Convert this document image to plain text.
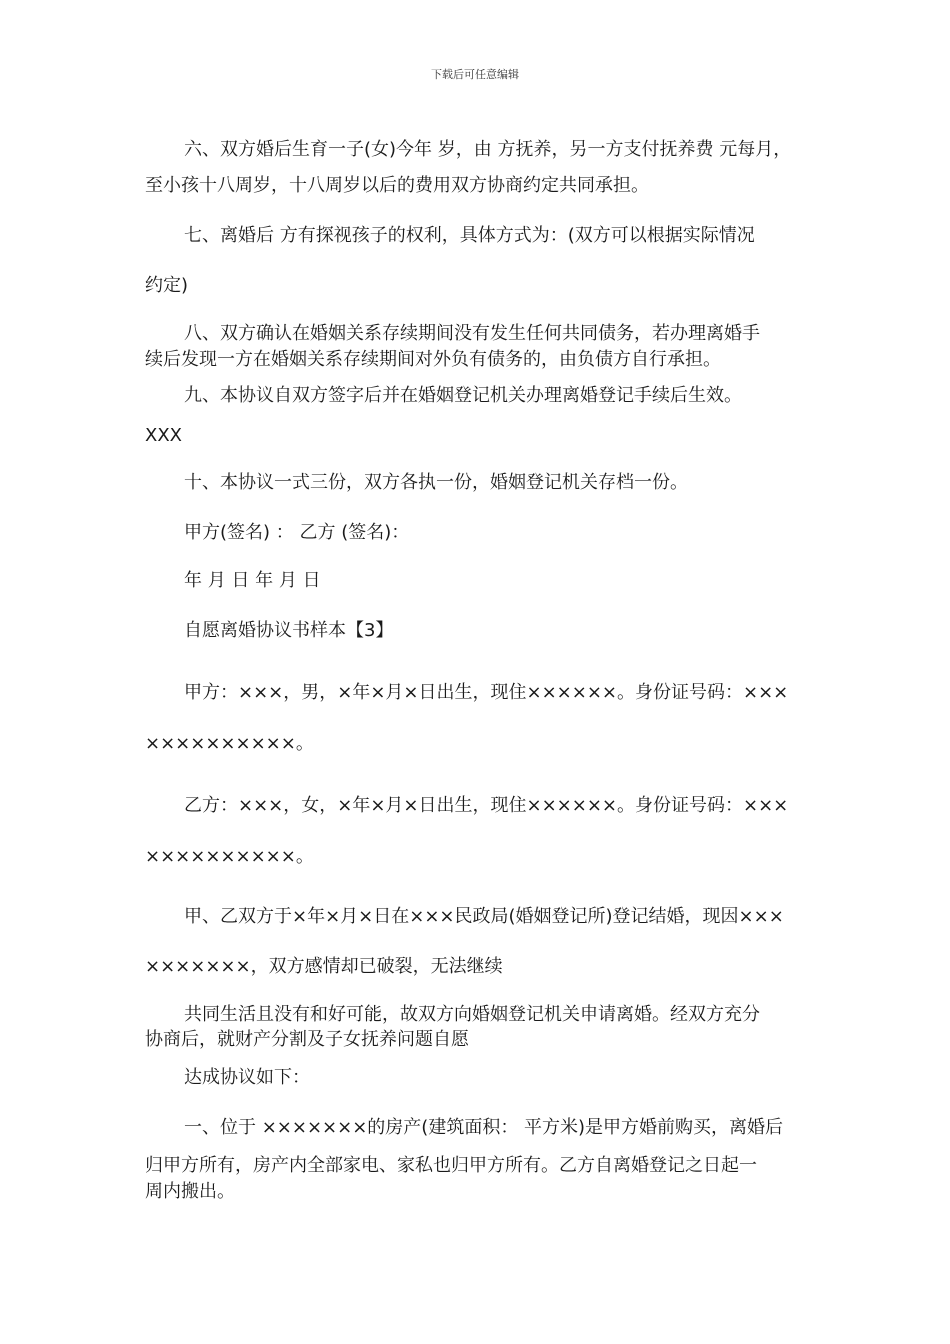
下载后可任意编辑
六、双方婚后生育一子(女)今年 岁，由 方抚养，另一方支付抚养费 元每月，
至小孩十八周岁，十八周岁以后的费用双方协商约定共同承担。
七、离婚后 方有探视孩子的权利，具体方式为：(双方可以根据实际情况
约定)
八、双方确认在婚姻关系存续期间没有发生任何共同债务，若办理离婚手
续后发现一方在婚姻关系存续期间对外负有债务的，由负债方自行承担。
九、本协议自双方签字后并在婚姻登记机关办理离婚登记手续后生效。
XXX
十、本协议一式三份，双方各执一份，婚姻登记机关存档一份。
甲方(签名) ： 乙方 (签名)：
年 月 日 年 月 日
自愿离婚协议书样本【3】
甲方：×××，男，×年×月×日出生，现住××××××。身份证号码：×××
××××××××××。
乙方：×××，女，×年×月×日出生，现住××××××。身份证号码：×××
××××××××××。
甲、乙双方于×年×月×日在×××民政局(婚姻登记所)登记结婚，现因×××
×××××××，双方感情却已破裂，无法继续
共同生活且没有和好可能，故双方向婚姻登记机关申请离婚。经双方充分
协商后，就财产分割及子女抚养问题自愿
达成协议如下：
一、位于 ×××××××的房产(建筑面积： 平方米)是甲方婚前购买，离婚后
归甲方所有，房产内全部家电、家私也归甲方所有。乙方自离婚登记之日起一
周内搬出。
